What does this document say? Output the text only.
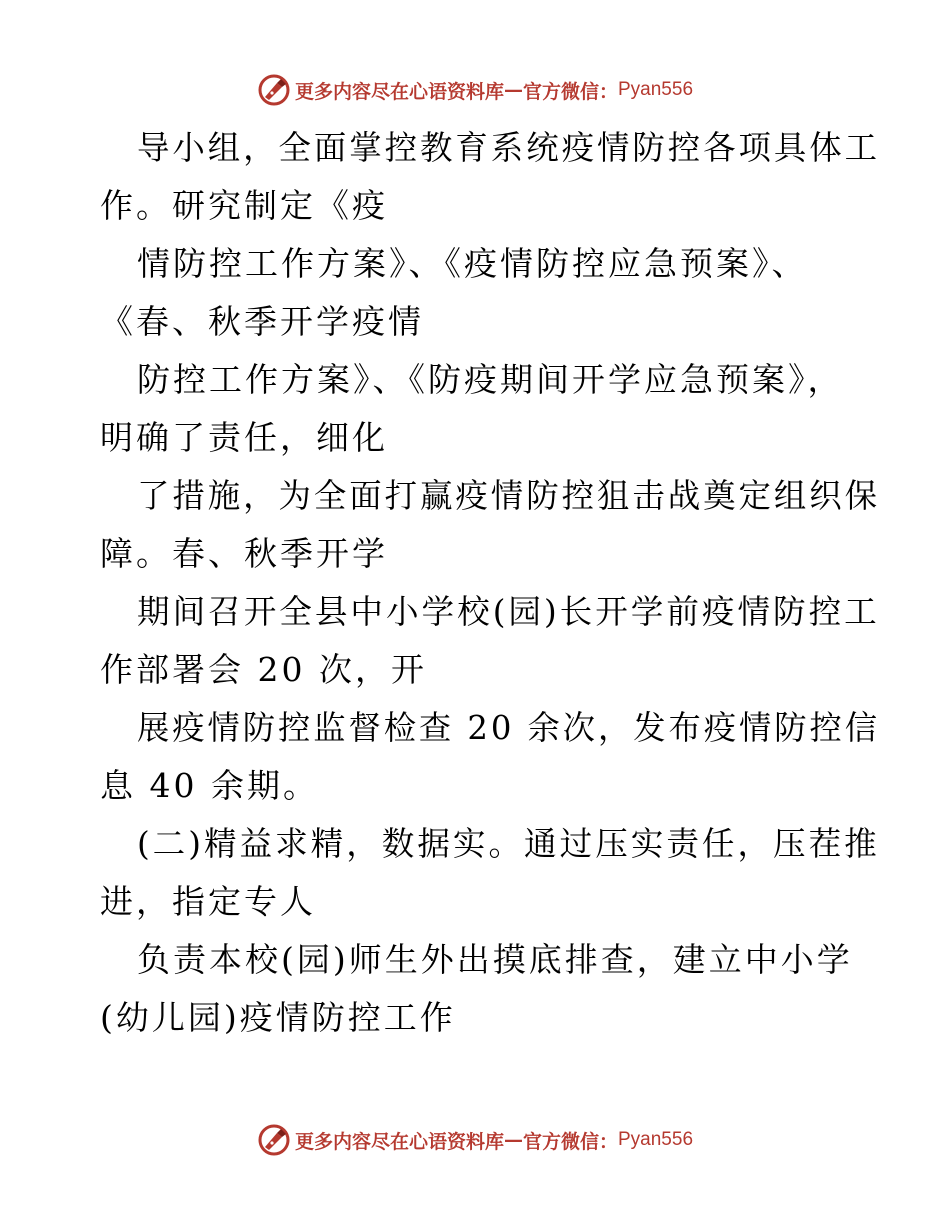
更多内容尽在心语资料库 — 官方微信： Pyan556
导小组，全面掌控教育系统疫情防控各项具体工
作。研究制定《疫
情防控工作方案》、《疫情防控应急预案》、
《春、秋季开学疫情
防控工作方案》、《防疫期间开学应急预案》，
明确了责任，细化
了措施，为全面打赢疫情防控狙击战奠定组织保
障。春、秋季开学
期间召开全县中小学校(园)长开学前疫情防控工
作部署会 20 次，开
展疫情防控监督检查 20 余次，发布疫情防控信
息 40 余期。
(二)精益求精，数据实。通过压实责任，压茬推
进，指定专人
负责本校(园)师生外出摸底排查，建立中小学
(幼儿园)疫情防控工作
更多内容尽在心语资料库 — 官方微信： Pyan556
